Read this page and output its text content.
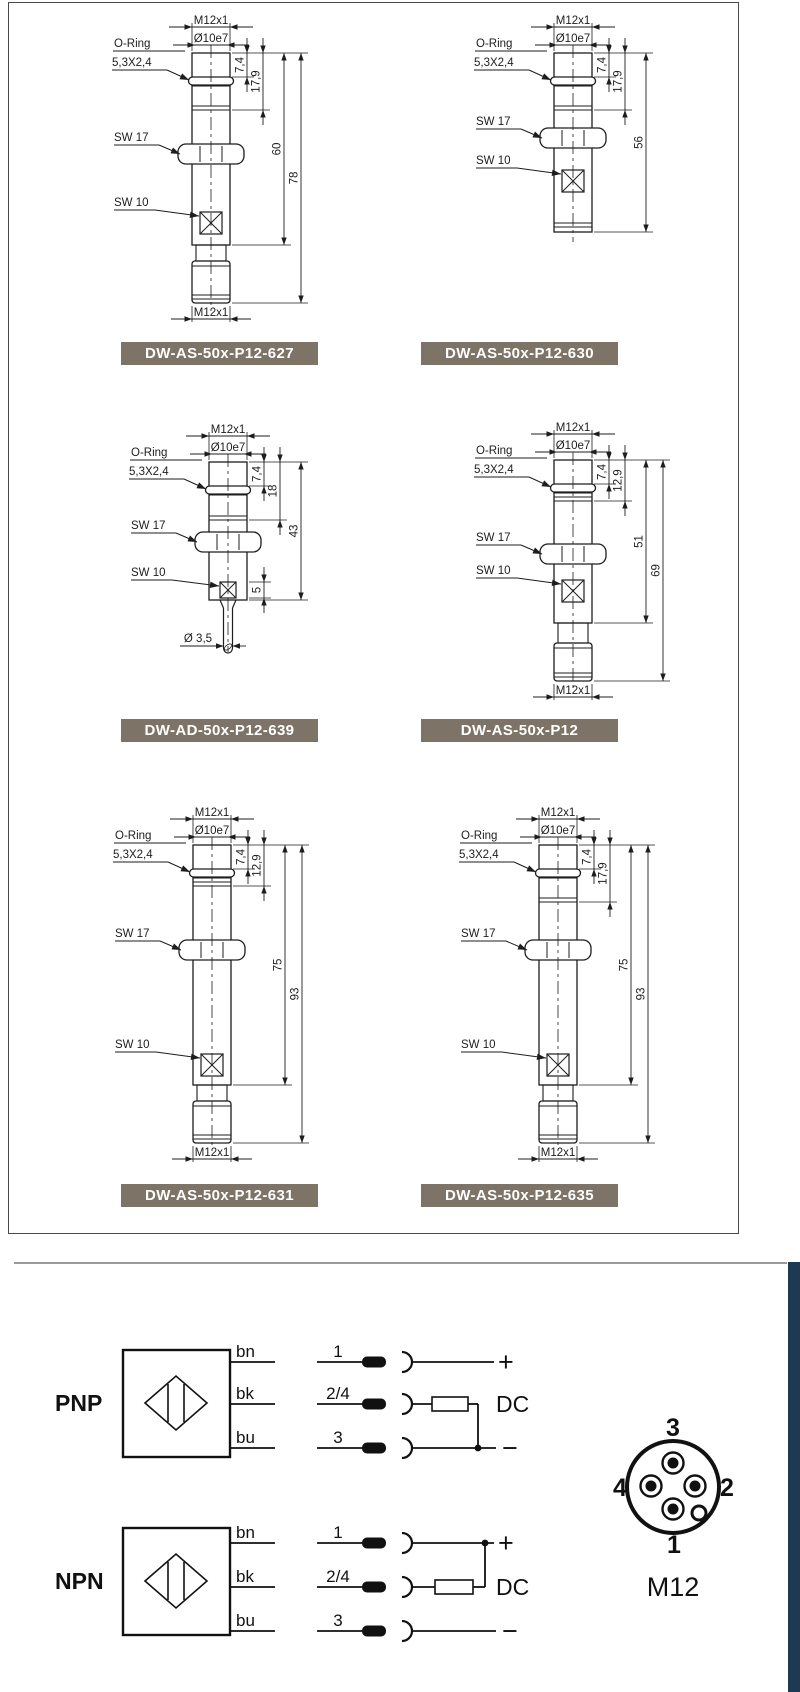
M12x1
Ø10e7
M12x1
7,4
17,9
60
78
O-Ring
5,3X2,4
SW 17
SW 10
M12x1
Ø10e7
7,4
17,9
56
O-Ring
5,3X2,4
SW 17
SW 10
M12x1
Ø10e7
Ø 3,5
7,4
18
43
5
O-Ring
5,3X2,4
SW 17
SW 10
M12x1
Ø10e7
M12x1
7,4 12,9
51
69
O-Ring
5,3X2,4
SW 17
SW 10
M12x1
Ø10e7
M12x1
7,4 12,9
75
93
O-Ring
5,3X2,4
SW 17
SW 10
M12x1
Ø10e7
M12x1
7,4
17,9
75
93
O-Ring
5,3X2,4
SW 17
SW 10
DW-AS-50x-P12-627	DW-AS-50x-P12-630
DW-AD-50x-P12-639	DW-AS-50x-P12
DW-AS-50x-P12-631	DW-AS-50x-P12-635
PNP
bn	1	+
bk	2/4	DC
bu	3	−
NPN
bn	1	+
bk	2/4	DC
bu	3	−
3
4	2
1
M12
